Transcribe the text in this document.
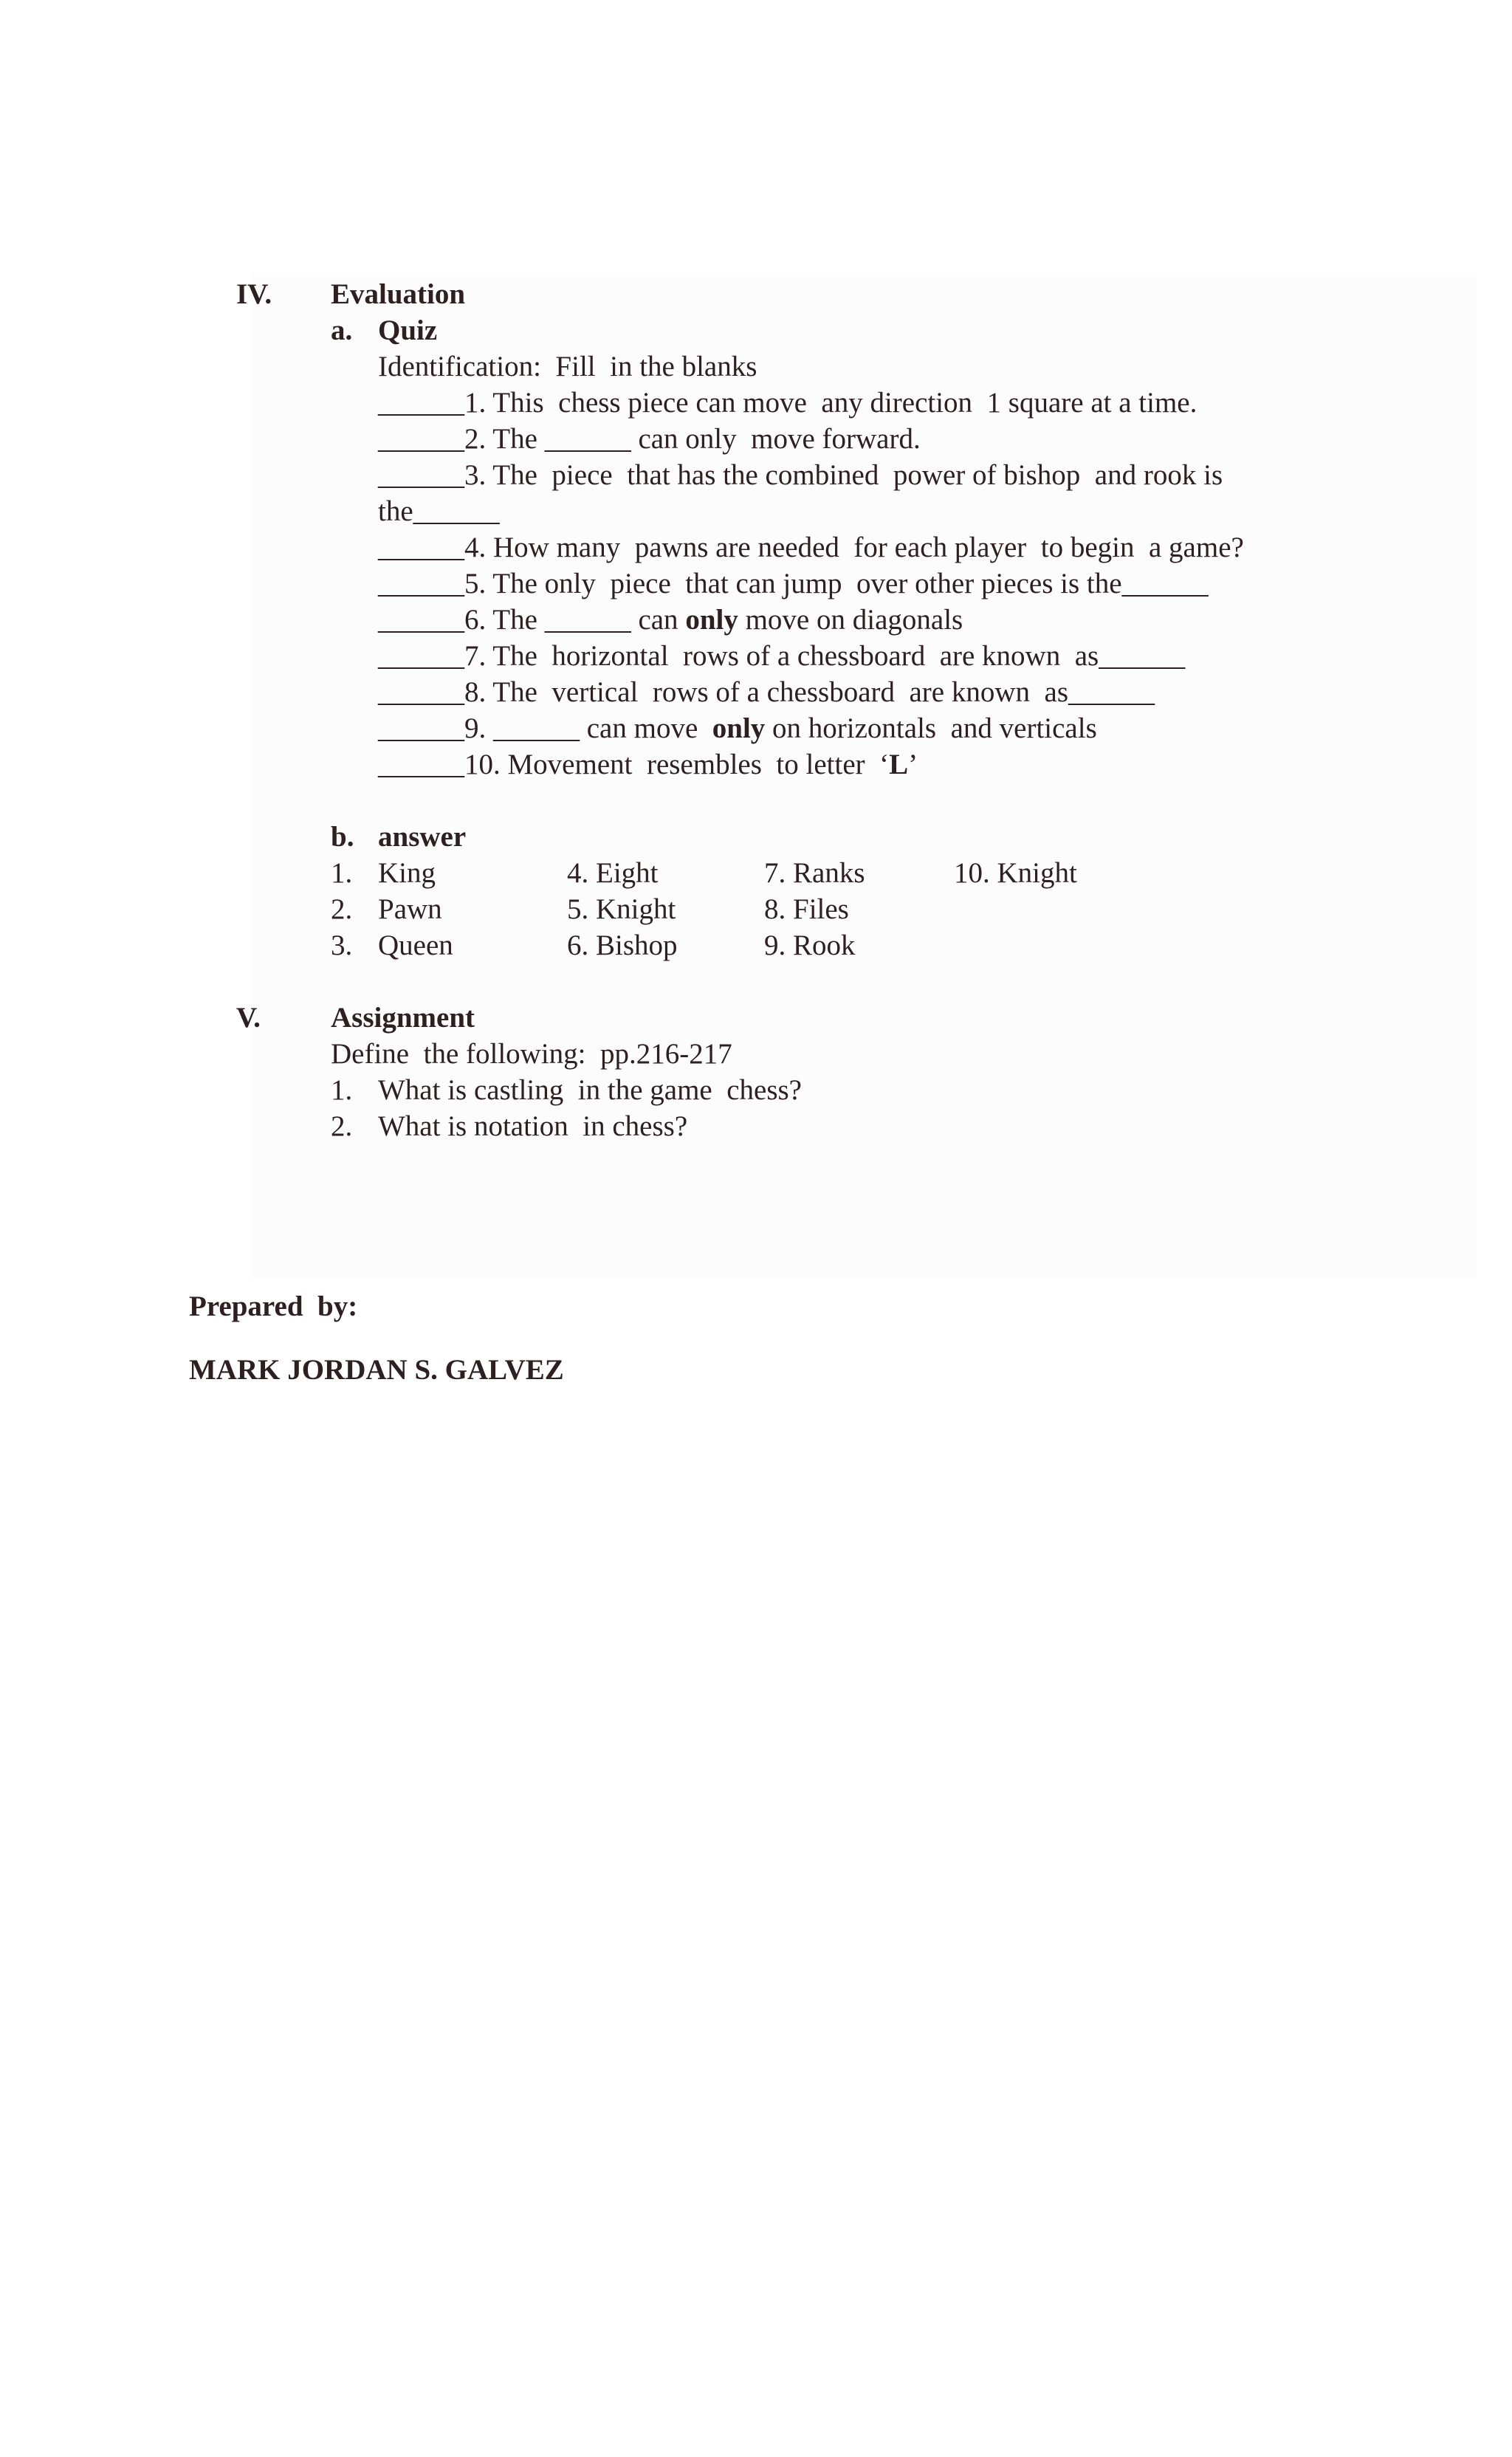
IV. Evaluation
a. Quiz
Identification:  Fill  in the blanks
______1. This  chess piece can move  any direction  1 square at a time.
______2. The ______ can only  move forward.
______3. The  piece  that has the combined  power of bishop  and rook is
the______
______4. How many  pawns are needed  for each player  to begin  a game?
______5. The only  piece  that can jump  over other pieces is the______
______6. The ______ can only move on diagonals
______7. The  horizontal  rows of a chessboard  are known  as______
______8. The  vertical  rows of a chessboard  are known  as______
______9. ______ can move  only on horizontals  and verticals
______10. Movement  resembles  to letter  ‘L’
b. answer
1. King
2. Pawn
3. Queen
4. Eight
5. Knight
6. Bishop
7. Ranks
8. Files
9. Rook
10. Knight
V. Assignment
Define  the following:  pp.216-217
1. What is castling  in the game  chess?
2. What is notation  in chess?
Prepared  by:
MARK JORDAN S. GALVEZ
